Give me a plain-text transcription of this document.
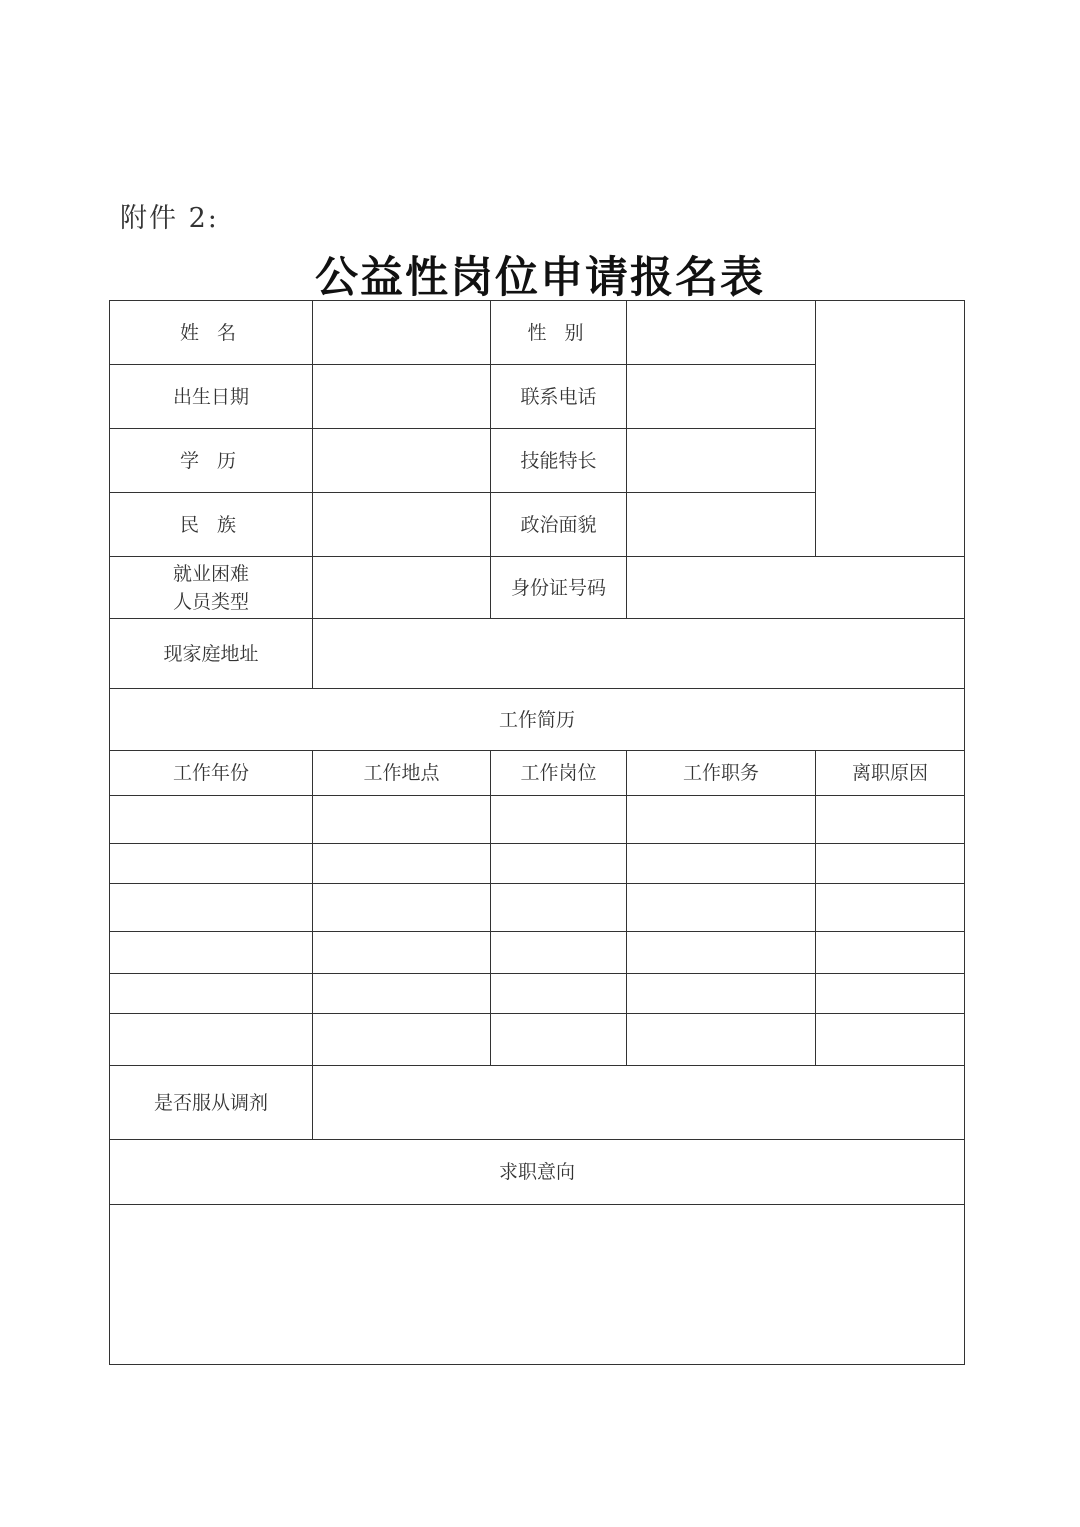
附件 2:
公益性岗位申请报名表
姓 名		性 别		
出生日期		联系电话		
学 历		技能特长		
民 族		政治面貌		
就业困难
人员类型		身份证号码		
现家庭地址				
工作简历				
工作年份	工作地点	工作岗位	工作职务	离职原因

是否服从调剂				
求职意向				
